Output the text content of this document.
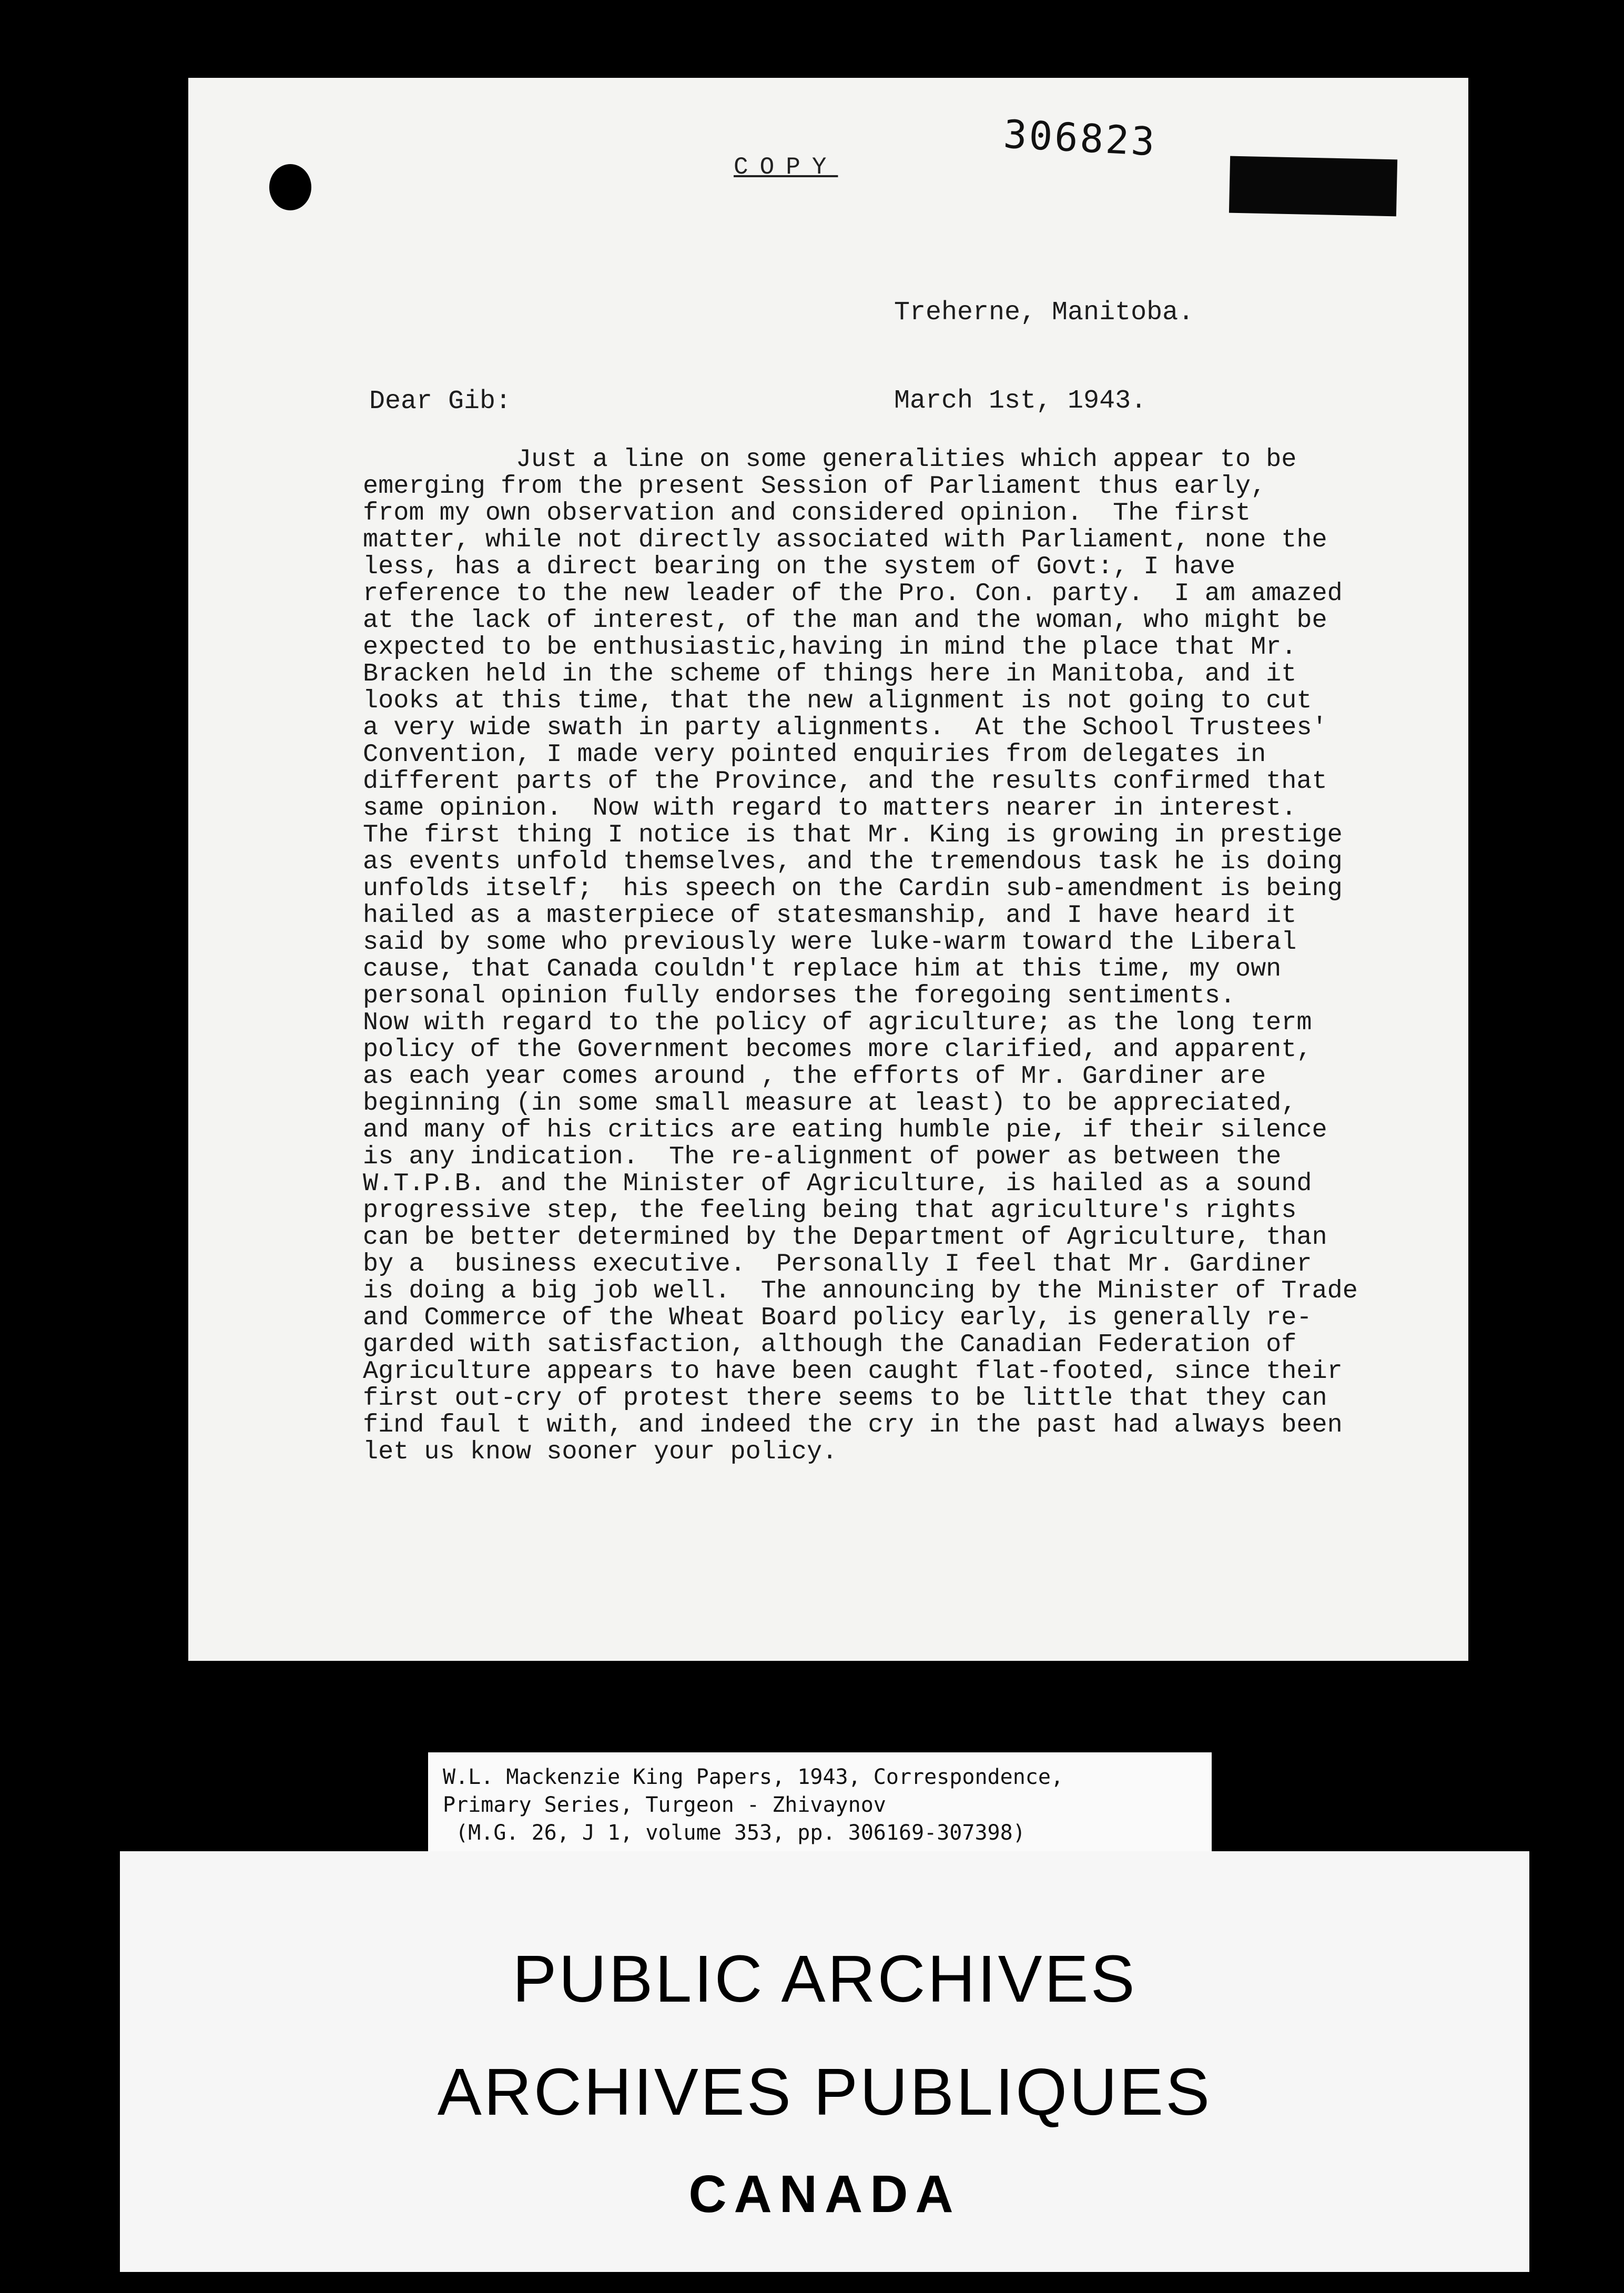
306823
COPY

Treherne, Manitoba.

March 1st, 1943.

Dear Gib:
Just a line on some generalities which appear to be
emerging from the present Session of Parliament thus early,
from my own observation and considered opinion.  The first
matter, while not directly associated with Parliament, none the
less, has a direct bearing on the system of Govt:, I have
reference to the new leader of the Pro. Con. party.  I am amazed
at the lack of interest, of the man and the woman, who might be
expected to be enthusiastic,having in mind the place that Mr.
Bracken held in the scheme of things here in Manitoba, and it
looks at this time, that the new alignment is not going to cut
a very wide swath in party alignments.  At the School Trustees'
Convention, I made very pointed enquiries from delegates in
different parts of the Province, and the results confirmed that
same opinion.  Now with regard to matters nearer in interest.
The first thing I notice is that Mr. King is growing in prestige
as events unfold themselves, and the tremendous task he is doing
unfolds itself;  his speech on the Cardin sub-amendment is being
hailed as a masterpiece of statesmanship, and I have heard it
said by some who previously were luke-warm toward the Liberal
cause, that Canada couldn't replace him at this time, my own
personal opinion fully endorses the foregoing sentiments.
Now with regard to the policy of agriculture; as the long term
policy of the Government becomes more clarified, and apparent,
as each year comes around , the efforts of Mr. Gardiner are
beginning (in some small measure at least) to be appreciated,
and many of his critics are eating humble pie, if their silence
is any indication.  The re-alignment of power as between the
W.T.P.B. and the Minister of Agriculture, is hailed as a sound
progressive step, the feeling being that agriculture's rights
can be better determined by the Department of Agriculture, than
by a  business executive.  Personally I feel that Mr. Gardiner
is doing a big job well.  The announcing by the Minister of Trade
and Commerce of the Wheat Board policy early, is generally re-
garded with satisfaction, although the Canadian Federation of
Agriculture appears to have been caught flat-footed, since their
first out-cry of protest there seems to be little that they can
find faul t with, and indeed the cry in the past had always been
let us know sooner your policy.
W.L. Mackenzie King Papers, 1943, Correspondence,
Primary Series, Turgeon - Zhivaynov
(M.G. 26, J 1, volume 353, pp. 306169-307398)
PUBLIC ARCHIVES
ARCHIVES PUBLIQUES
CANADA
